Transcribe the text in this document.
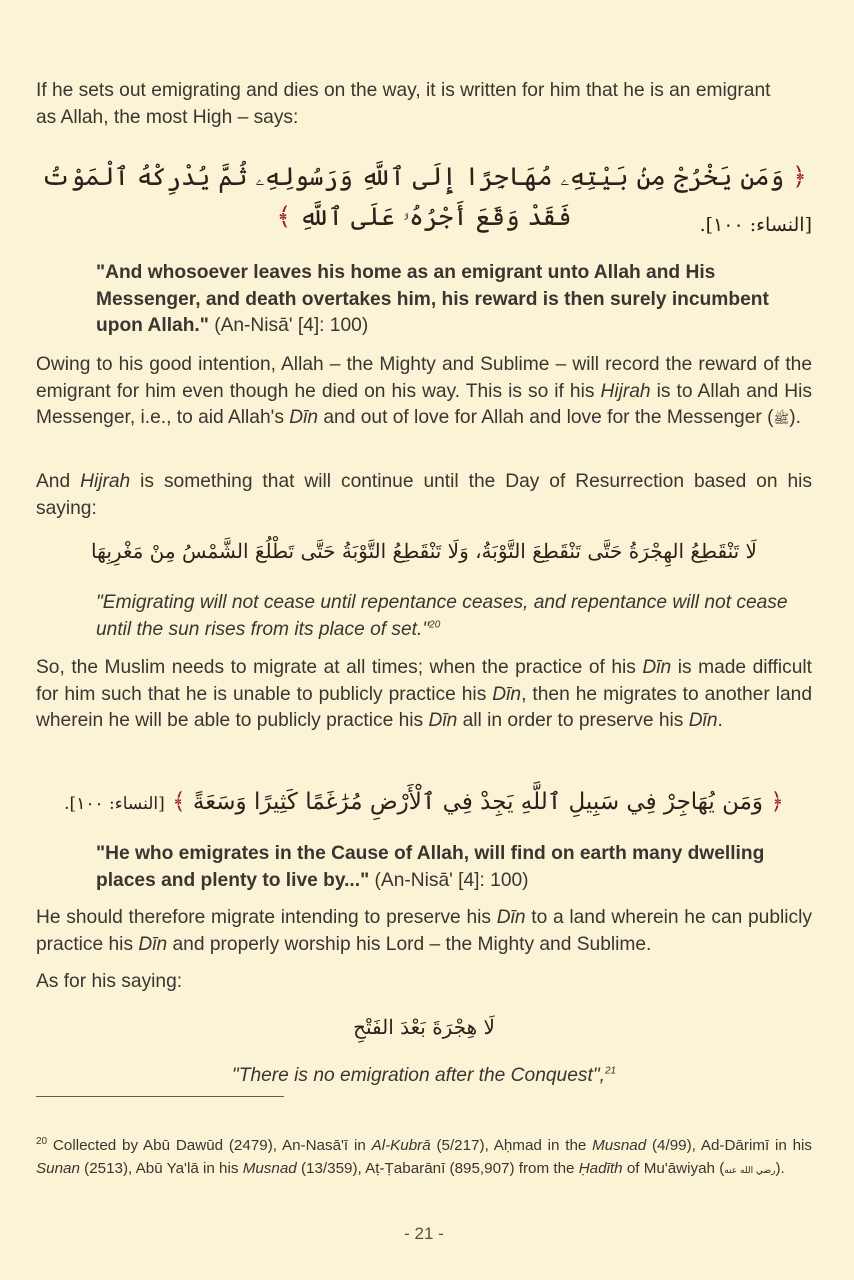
If he sets out emigrating and dies on the way, it is written for him that he is an emigrant
as Allah, the most High – says:

﴿ وَمَن يَخْرُجْ مِنۢ بَيْتِهِۦ مُهَاجِرًا إِلَى ٱللَّهِ وَرَسُولِهِۦ ثُمَّ يُدْرِكْهُ ٱلْمَوْتُ فَقَدْ وَقَعَ أَجْرُهُۥ عَلَى ٱللَّهِ ﴾	[النساء: ١٠٠].

"And whosoever leaves his home as an emigrant unto Allah and His Messenger, and death overtakes him, his reward is then surely incumbent upon Allah." (An-Nisā' [4]: 100)

Owing to his good intention, Allah – the Mighty and Sublime – will record the reward of the emigrant for him even though he died on his way. This is so if his Hijrah is to Allah and His Messenger, i.e., to aid Allah's Dīn and out of love for Allah and love for the Messenger (ﷺ).

And Hijrah is something that will continue until the Day of Resurrection based on his saying:

لَا تَنْقَطِعُ الهِجْرَةُ حَتَّى تَنْقَطِعَ التَّوْبَةُ، وَلَا تَنْقَطِعُ التَّوْبَةُ حَتَّى تَطْلُعَ الشَّمْسُ مِنْ مَغْرِبِهَا

"Emigrating will not cease until repentance ceases, and repentance will not cease until the sun rises from its place of set."$^{20}$

So, the Muslim needs to migrate at all times; when the practice of his Dīn is made difficult for him such that he is unable to publicly practice his Dīn, then he migrates to another land wherein he will be able to publicly practice his Dīn all in order to preserve his Dīn.

﴿ وَمَن يُهَاجِرْ فِي سَبِيلِ ٱللَّهِ يَجِدْ فِي ٱلْأَرْضِ مُرَٰغَمًا كَثِيرًا وَسَعَةً ﴾ [النساء: ١٠٠].

"He who emigrates in the Cause of Allah, will find on earth many dwelling places and plenty to live by..." (An-Nisā' [4]: 100)

He should therefore migrate intending to preserve his Dīn to a land wherein he can publicly practice his Dīn and properly worship his Lord – the Mighty and Sublime.

As for his saying:

لَا هِجْرَةَ بَعْدَ الفَتْحِ

"There is no emigration after the Conquest",$^{21}$

$^{20}$ Collected by Abū Dawūd (2479), An-Nasā'ī in Al-Kubrā (5/217), Aḥmad in the Musnad (4/99), Ad-Dārimī in his Sunan (2513), Abū Ya'lā in his Musnad (13/359), Aṭ-Ṭabarānī (895,907) from the Ḥadīth of Mu'āwiyah (رضي الله عنه).
- 21 -
